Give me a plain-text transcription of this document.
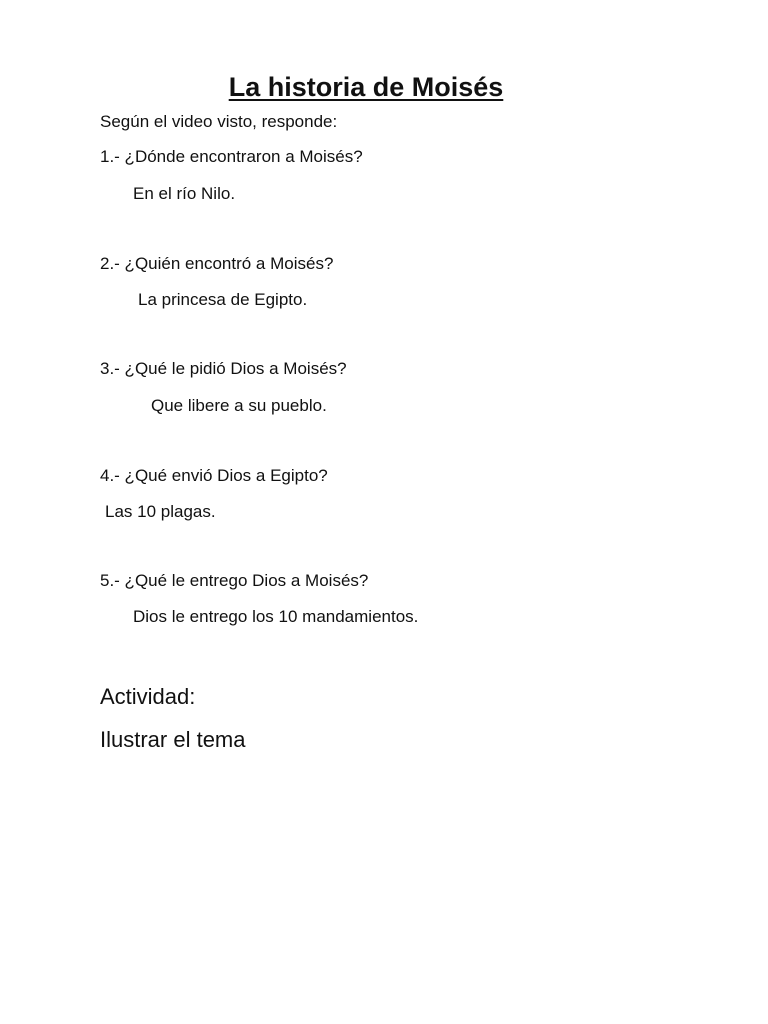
La historia de Moisés

Según el video visto, responde:

1.- ¿Dónde encontraron a Moisés?

En el río Nilo.

2.- ¿Quién encontró a Moisés?

La princesa de Egipto.

3.- ¿Qué le pidió Dios a Moisés?

Que libere a su pueblo.

4.- ¿Qué envió Dios a Egipto?

Las 10 plagas.

5.- ¿Qué le entrego Dios a Moisés?

Dios le entrego los 10 mandamientos.

Actividad:

Ilustrar el tema
